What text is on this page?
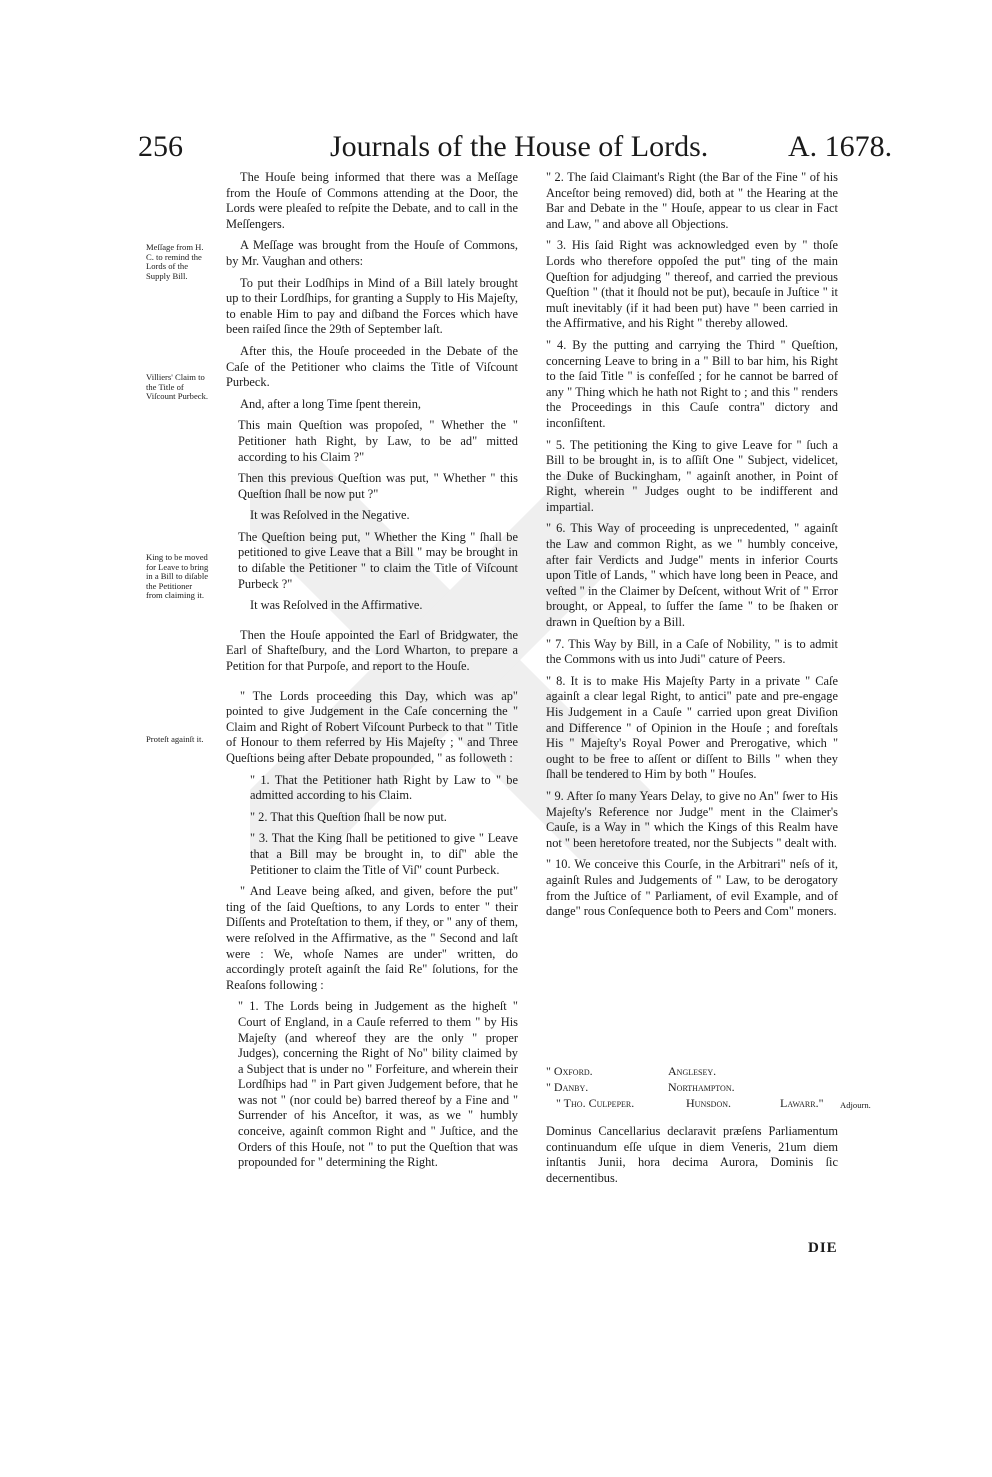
256	Journals of the House of Lords.	A. 1678.
Meſſage from H. C. to remind the Lords of the Supply Bill.
Villiers' Claim to the Title of Viſcount Purbeck.
King to be moved for Leave to bring in a Bill to diſable the Petitioner from claiming it.
Proteſt againſt it.
Adjourn.

The Houſe being informed that there was a Meſſage from the Houſe of Commons attending at the Door, the Lords were pleaſed to reſpite the Debate, and to call in the Meſſengers.

A Meſſage was brought from the Houſe of Commons, by Mr. Vaughan and others:

To put their Lodſhips in Mind of a Bill lately brought up to their Lordſhips, for granting a Supply to His Majeſty, to enable Him to pay and diſband the Forces which have been raiſed ſince the 29th of September laſt.

After this, the Houſe proceeded in the Debate of the Caſe of the Petitioner who claims the Title of Viſcount Purbeck.

And, after a long Time ſpent therein,

This main Queſtion was propoſed, " Whether the " Petitioner hath Right, by Law, to be ad" mitted according to his Claim ?"

Then this previous Queſtion was put, " Whether " this Queſtion ſhall be now put ?"

It was Reſolved in the Negative.

The Queſtion being put, " Whether the King " ſhall be petitioned to give Leave that a Bill " may be brought in to diſable the Petitioner " to claim the Title of Viſcount Purbeck ?"

It was Reſolved in the Affirmative.

Then the Houſe appointed the Earl of Bridgwater, the Earl of Shafteſbury, and the Lord Wharton, to prepare a Petition for that Purpoſe, and report to the Houſe.

" The Lords proceeding this Day, which was ap" pointed to give Judgement in the Caſe concerning the " Claim and Right of Robert Viſcount Purbeck to that " Title of Honour to them referred by His Majeſty ; " and Three Queſtions being after Debate propounded, " as followeth :

" 1. That the Petitioner hath Right by Law to " be admitted according to his Claim.

" 2. That this Queſtion ſhall be now put.

" 3. That the King ſhall be petitioned to give " Leave that a Bill may be brought in, to diſ" able the Petitioner to claim the Title of Viſ" count Purbeck.

" And Leave being aſked, and given, before the put" ting of the ſaid Queſtions, to any Lords to enter " their Diſſents and Proteſtation to them, if they, or " any of them, were reſolved in the Affirmative, as the " Second and laſt were : We, whoſe Names are under" written, do accordingly proteſt againſt the ſaid Re" ſolutions, for the Reaſons following :

" 1. The Lords being in Judgement as the higheſt " Court of England, in a Cauſe referred to them " by His Majeſty (and whereof they are the only " proper Judges), concerning the Right of No" bility claimed by a Subject that is under no " Forfeiture, and wherein their Lordſhips had " in Part given Judgement before, that he was not " (nor could be) barred thereof by a Fine and " Surrender of his Anceſtor, it was, as we " humbly conceive, againſt common Right and " Juſtice, and the Orders of this Houſe, not " to put the Queſtion that was propounded for " determining the Right.

" 2. The ſaid Claimant's Right (the Bar of the Fine " of his Anceſtor being removed) did, both at " the Hearing at the Bar and Debate in the " Houſe, appear to us clear in Fact and Law, " and above all Objections.

" 3. His ſaid Right was acknowledged even by " thoſe Lords who therefore oppoſed the put" ting of the main Queſtion for adjudging " thereof, and carried the previous Queſtion " (that it ſhould not be put), becauſe in Juſtice " it muſt inevitably (if it had been put) have " been carried in the Affirmative, and his Right " thereby allowed.

" 4. By the putting and carrying the Third " Queſtion, concerning Leave to bring in a " Bill to bar him, his Right to the ſaid Title " is confeſſed ; for he cannot be barred of any " Thing which he hath not Right to ; and this " renders the Proceedings in this Cauſe contra" dictory and inconſiſtent.

" 5. The petitioning the King to give Leave for " ſuch a Bill to be brought in, is to aſſiſt One " Subject, videlicet, the Duke of Buckingham, " againſt another, in Point of Right, wherein " Judges ought to be indifferent and impartial.

" 6. This Way of proceeding is unprecedented, " againſt the Law and common Right, as we " humbly conceive, after fair Verdicts and Judge" ments in inferior Courts upon Title of Lands, " which have long been in Peace, and veſted " in the Claimer by Deſcent, without Writ of " Error brought, or Appeal, to ſuffer the ſame " to be ſhaken or drawn in Queſtion by a Bill.

" 7. This Way by Bill, in a Caſe of Nobility, " is to admit the Commons with us into Judi" cature of Peers.

" 8. It is to make His Majeſty Party in a private " Caſe againſt a clear legal Right, to antici" pate and pre-engage His Judgement in a Cauſe " carried upon great Diviſion and Difference " of Opinion in the Houſe ; and foreſtals His " Majeſty's Royal Power and Prerogative, which " ought to be free to aſſent or diſſent to Bills " when they ſhall be tendered to Him by both " Houſes.

" 9. After ſo many Years Delay, to give no An" ſwer to His Majeſty's Reference nor Judge" ment in the Claimer's Cauſe, is a Way in " which the Kings of this Realm have not " been heretofore treated, nor the Subjects " dealt with.

" 10. We conceive this Courſe, in the Arbitrari" neſs of it, againſt Rules and Judgements of " Law, to be derogatory from the Juſtice of " Parliament, of evil Example, and of dange" rous Conſequence both to Peers and Com" moners.

" Oxford.	Anglesey.
" Danby.	Northampton.
" Tho. Culpeper.	Hunsdon.	Lawarr."

Dominus Cancellarius declaravit præſens Parliamentum continuandum eſſe uſque in diem Veneris, 21um diem inſtantis Junii, hora decima Aurora, Dominis ſic decernentibus.

DIE
